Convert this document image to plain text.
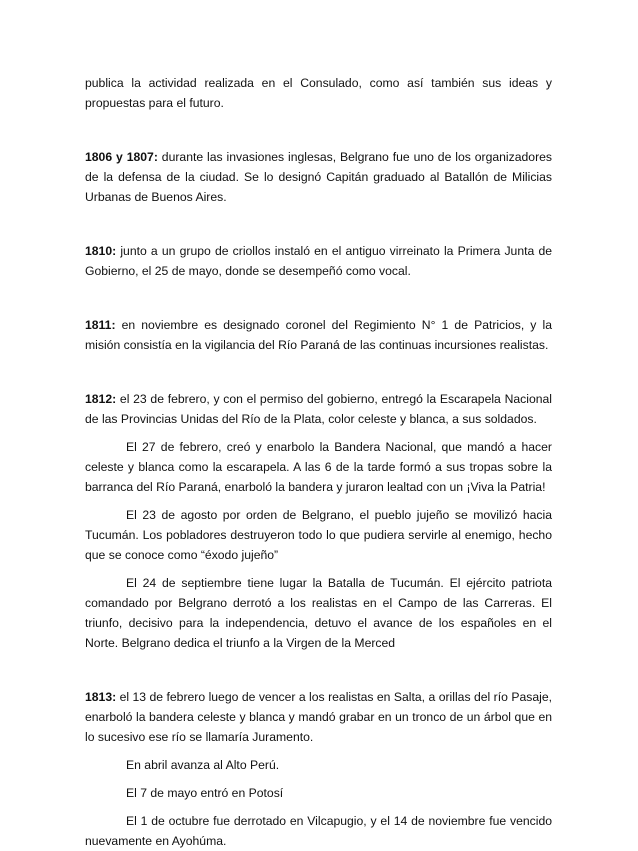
publica la actividad realizada en el Consulado, como así también sus ideas y propuestas para el futuro.

1806 y 1807: durante las invasiones inglesas, Belgrano fue uno de los organizadores de la defensa de la ciudad. Se lo designó Capitán graduado al Batallón de Milicias Urbanas de Buenos Aires.

1810: junto a un grupo de criollos instaló en el antiguo virreinato la Primera Junta de Gobierno, el 25 de mayo, donde se desempeñó como vocal.

1811: en noviembre es designado coronel del Regimiento N° 1 de Patricios, y la misión consistía en la vigilancia del Río Paraná de las continuas incursiones realistas.

1812: el 23 de febrero, y con el permiso del gobierno, entregó la Escarapela Nacional de las Provincias Unidas del Río de la Plata, color celeste y blanca, a sus soldados.

El 27 de febrero, creó y enarbolo la Bandera Nacional, que mandó a hacer celeste y blanca como la escarapela. A las 6 de la tarde formó a sus tropas sobre la barranca del Río Paraná, enarboló la bandera y juraron lealtad con un ¡Viva la Patria!

El 23 de agosto por orden de Belgrano, el pueblo jujeño se movilizó hacia Tucumán. Los pobladores destruyeron todo lo que pudiera servirle al enemigo, hecho que se conoce como “éxodo jujeño”

El 24 de septiembre tiene lugar la Batalla de Tucumán. El ejército patriota comandado por Belgrano derrotó a los realistas en el Campo de las Carreras. El triunfo, decisivo para la independencia, detuvo el avance de los españoles en el Norte. Belgrano dedica el triunfo a la Virgen de la Merced

1813: el 13 de febrero luego de vencer a los realistas en Salta, a orillas del río Pasaje, enarboló la bandera celeste y blanca y mandó grabar en un tronco de un árbol que en lo sucesivo ese río se llamaría Juramento.

En abril avanza al Alto Perú.

El 7 de mayo entró en Potosí

El 1 de octubre fue derrotado en Vilcapugio, y el 14 de noviembre fue vencido nuevamente en Ayohúma.
